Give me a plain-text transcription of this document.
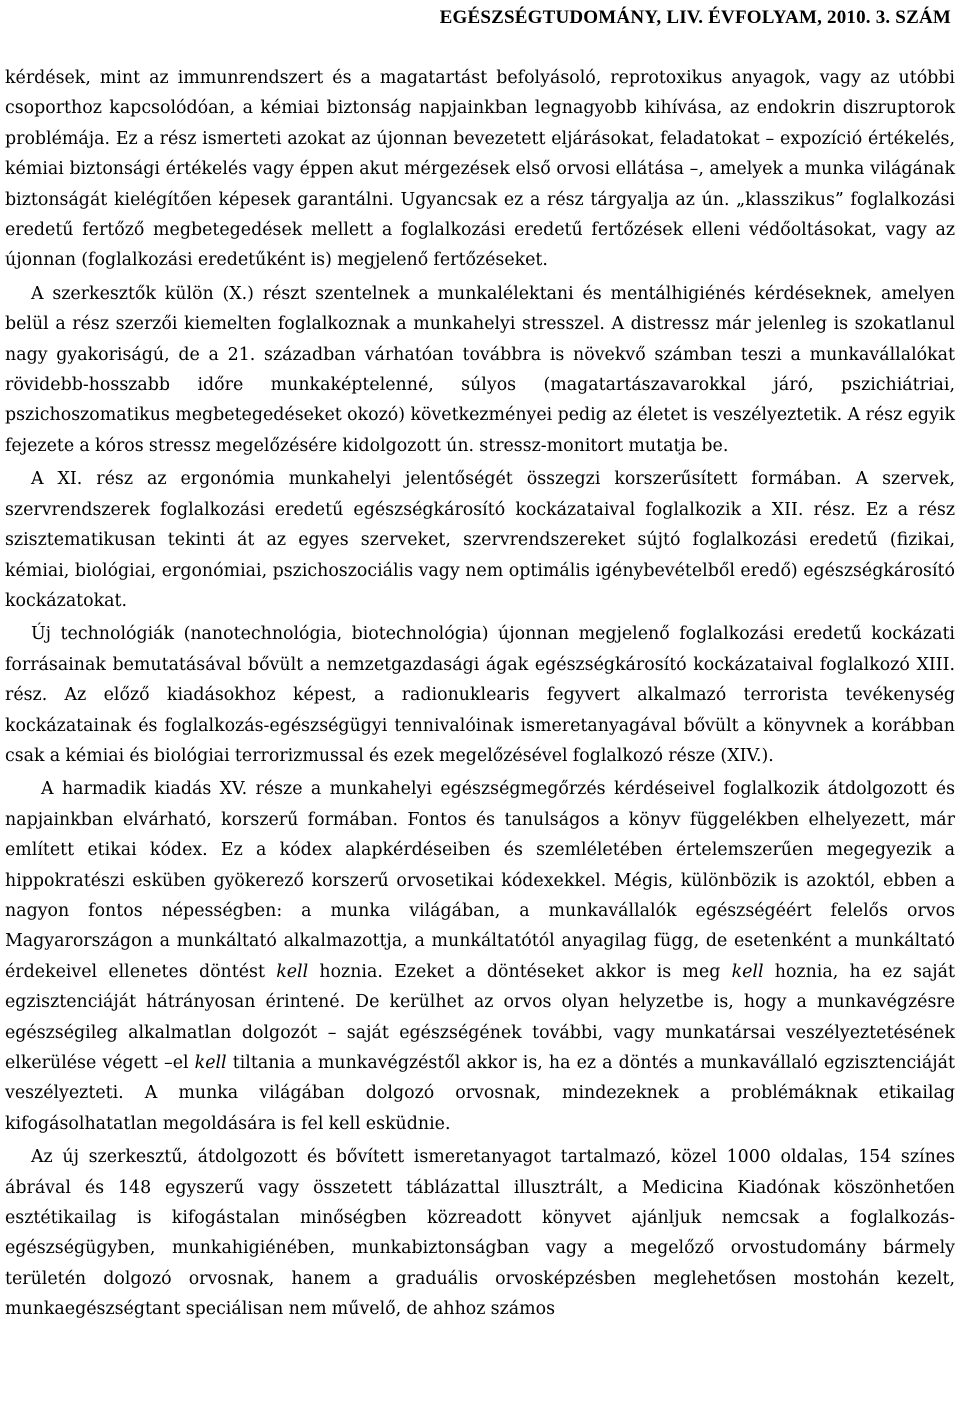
EGÉSZSÉGTUDOMÁNY, LIV. ÉVFOLYAM, 2010. 3. SZÁM

kérdések, mint az immunrendszert és a magatartást befolyásoló, reprotoxikus anyagok, vagy az utóbbi csoporthoz kapcsolódóan, a kémiai biztonság napjainkban legnagyobb kihívása, az endokrin diszruptorok problémája. Ez a rész ismerteti azokat az újonnan bevezetett eljárásokat, feladatokat – expozíció értékelés, kémiai biztonsági értékelés vagy éppen akut mérgezések első orvosi ellátása –, amelyek a munka világának biztonságát kielégítően képesek garantálni. Ugyancsak ez a rész tárgyalja az ún. „klasszikus” foglalkozási eredetű fertőző megbetegedések mellett a foglalkozási eredetű fertőzések elleni védőoltásokat, vagy az újonnan (foglalkozási eredetűként is) megjelenő fertőzéseket.

A szerkesztők külön (X.) részt szentelnek a munkalélektani és mentálhigiénés kérdéseknek, amelyen belül a rész szerzői kiemelten foglalkoznak a munkahelyi stresszel. A distressz már jelenleg is szokatlanul nagy gyakoriságú, de a 21. században várhatóan továbbra is növekvő számban teszi a munkavállalókat rövidebb-hosszabb időre munkaképtelenné, súlyos (magatartászavarokkal járó, pszichiátriai, pszichoszomatikus megbetegedéseket okozó) következményei pedig az életet is veszélyeztetik. A rész egyik fejezete a kóros stressz megelőzésére kidolgozott ún. stressz-monitort mutatja be.

A XI. rész az ergonómia munkahelyi jelentőségét összegzi korszerűsített formában. A szervek, szervrendszerek foglalkozási eredetű egészségkárosító kockázataival foglalkozik a XII. rész. Ez a rész szisztematikusan tekinti át az egyes szerveket, szervrendszereket sújtó foglalkozási eredetű (fizikai, kémiai, biológiai, ergonómiai, pszichoszociális vagy nem optimális igénybevételből eredő) egészségkárosító kockázatokat.

Új technológiák (nanotechnológia, biotechnológia) újonnan megjelenő foglalkozási eredetű kockázati forrásainak bemutatásával bővült a nemzetgazdasági ágak egészségkárosító kockázataival foglalkozó XIII. rész. Az előző kiadásokhoz képest, a radionuklearis fegyvert alkalmazó terrorista tevékenység kockázatainak és foglalkozás-egészségügyi tennivalóinak ismeretanyagával bővült a könyvnek a korábban csak a kémiai és biológiai terrorizmussal és ezek megelőzésével foglalkozó része (XIV.).

A harmadik kiadás XV. része a munkahelyi egészségmegőrzés kérdéseivel foglalkozik átdolgozott és napjainkban elvárható, korszerű formában. Fontos és tanulságos a könyv függelékben elhelyezett, már említett etikai kódex. Ez a kódex alapkérdéseiben és szemléletében értelemszerűen megegyezik a hippokratészi esküben gyökerező korszerű orvosetikai kódexekkel. Mégis, különbözik is azoktól, ebben a nagyon fontos népességben: a munka világában, a munkavállalók egészségéért felelős orvos Magyarországon a munkáltató alkalmazottja, a munkáltatótól anyagilag függ, de esetenként a munkáltató érdekeivel ellenetes döntést kell hoznia. Ezeket a döntéseket akkor is meg kell hoznia, ha ez saját egzisztenciáját hátrányosan érintené. De kerülhet az orvos olyan helyzetbe is, hogy a munkavégzésre egészségileg alkalmatlan dolgozót – saját egészségének további, vagy munkatársai veszélyeztetésének elkerülése végett –el kell tiltania a munkavégzéstől akkor is, ha ez a döntés a munkavállaló egzisztenciáját veszélyezteti. A munka világában dolgozó orvosnak, mindezeknek a problémáknak etikailag kifogásolhatatlan megoldására is fel kell esküdnie.

Az új szerkesztű, átdolgozott és bővített ismeretanyagot tartalmazó, közel 1000 oldalas, 154 színes ábrával és 148 egyszerű vagy összetett táblázattal illusztrált, a Medicina Kiadónak köszönhetően esztétikailag is kifogástalan minőségben közreadott könyvet ajánljuk nemcsak a foglalkozás-egészségügyben, munkahigiénében, munkabiztonságban vagy a megelőző orvostudomány bármely területén dolgozó orvosnak, hanem a graduális orvosképzésben meglehetősen mostohán kezelt, munkaegészségtant speciálisan nem művelő, de ahhoz számos
